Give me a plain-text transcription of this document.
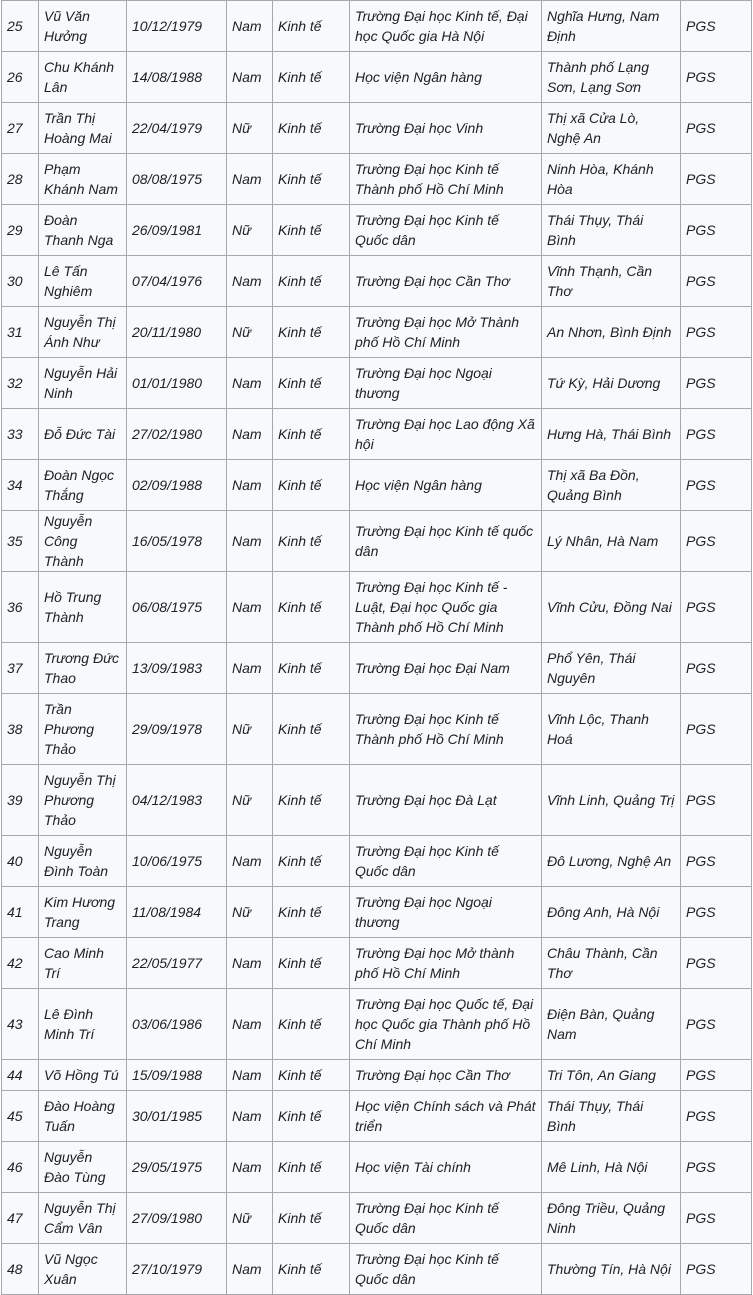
25	Vũ Văn Hưởng	10/12/1979	Nam	Kinh tế	Trường Đại học Kinh tế, Đại học Quốc gia Hà Nội	Nghĩa Hưng, Nam Định	PGS
26	Chu Khánh Lân	14/08/1988	Nam	Kinh tế	Học viện Ngân hàng	Thành phố Lạng Sơn, Lạng Sơn	PGS
27	Trần Thị Hoàng Mai	22/04/1979	Nữ	Kinh tế	Trường Đại học Vinh	Thị xã Cửa Lò, Nghệ An	PGS
28	Phạm Khánh Nam	08/08/1975	Nam	Kinh tế	Trường Đại học Kinh tế Thành phố Hồ Chí Minh	Ninh Hòa, Khánh Hòa	PGS
29	Đoàn Thanh Nga	26/09/1981	Nữ	Kinh tế	Trường Đại học Kinh tế Quốc dân	Thái Thụy, Thái Bình	PGS
30	Lê Tấn Nghiêm	07/04/1976	Nam	Kinh tế	Trường Đại học Cần Thơ	Vĩnh Thạnh, Cần Thơ	PGS
31	Nguyễn Thị Ánh Như	20/11/1980	Nữ	Kinh tế	Trường Đại học Mở Thành phố Hồ Chí Minh	An Nhơn, Bình Định	PGS
32	Nguyễn Hải Ninh	01/01/1980	Nam	Kinh tế	Trường Đại học Ngoại thương	Tứ Kỳ, Hải Dương	PGS
33	Đỗ Đức Tài	27/02/1980	Nam	Kinh tế	Trường Đại học Lao động Xã hội	Hưng Hà, Thái Bình	PGS
34	Đoàn Ngọc Thắng	02/09/1988	Nam	Kinh tế	Học viện Ngân hàng	Thị xã Ba Đồn, Quảng Bình	PGS
35	Nguyễn Công Thành	16/05/1978	Nam	Kinh tế	Trường Đại học Kinh tế quốc dân	Lý Nhân, Hà Nam	PGS
36	Hồ Trung Thành	06/08/1975	Nam	Kinh tế	Trường Đại học Kinh tế - Luật, Đại học Quốc gia Thành phố Hồ Chí Minh	Vĩnh Cửu, Đồng Nai	PGS
37	Trương Đức Thao	13/09/1983	Nam	Kinh tế	Trường Đại học Đại Nam	Phổ Yên, Thái Nguyên	PGS
38	Trần Phương Thảo	29/09/1978	Nữ	Kinh tế	Trường Đại học Kinh tế Thành phố Hồ Chí Minh	Vĩnh Lộc, Thanh Hoá	PGS
39	Nguyễn Thị Phương Thảo	04/12/1983	Nữ	Kinh tế	Trường Đại học Đà Lạt	Vĩnh Linh, Quảng Trị	PGS
40	Nguyễn Đình Toàn	10/06/1975	Nam	Kinh tế	Trường Đại học Kinh tế Quốc dân	Đô Lương, Nghệ An	PGS
41	Kim Hương Trang	11/08/1984	Nữ	Kinh tế	Trường Đại học Ngoại thương	Đông Anh, Hà Nội	PGS
42	Cao Minh Trí	22/05/1977	Nam	Kinh tế	Trường Đại học Mở thành phố Hồ Chí Minh	Châu Thành, Cần Thơ	PGS
43	Lê Đình Minh Trí	03/06/1986	Nam	Kinh tế	Trường Đại học Quốc tế, Đại học Quốc gia Thành phố Hồ Chí Minh	Điện Bàn, Quảng Nam	PGS
44	Võ Hồng Tú	15/09/1988	Nam	Kinh tế	Trường Đại học Cần Thơ	Tri Tôn, An Giang	PGS
45	Đào Hoàng Tuấn	30/01/1985	Nam	Kinh tế	Học viện Chính sách và Phát triển	Thái Thụy, Thái Bình	PGS
46	Nguyễn Đào Tùng	29/05/1975	Nam	Kinh tế	Học viện Tài chính	Mê Linh, Hà Nội	PGS
47	Nguyễn Thị Cẩm Vân	27/09/1980	Nữ	Kinh tế	Trường Đại học Kinh tế Quốc dân	Đông Triều, Quảng Ninh	PGS
48	Vũ Ngọc Xuân	27/10/1979	Nam	Kinh tế	Trường Đại học Kinh tế Quốc dân	Thường Tín, Hà Nội	PGS
